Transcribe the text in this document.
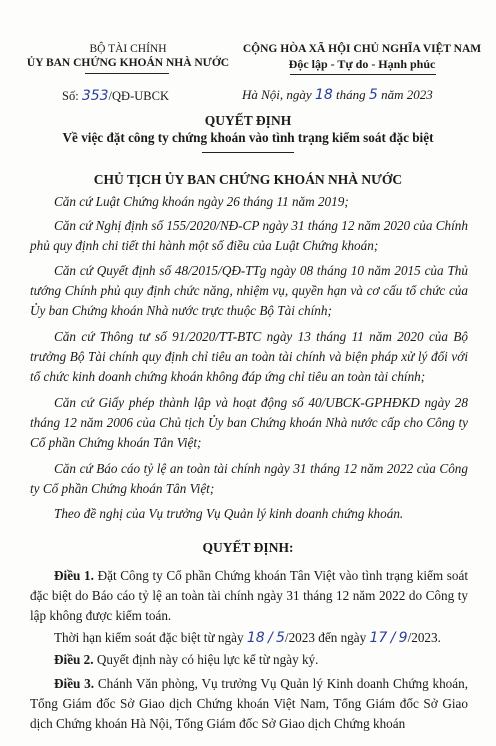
BỘ TÀI CHÍNH
ỦY BAN CHỨNG KHOÁN NHÀ NƯỚC
CỘNG HÒA XÃ HỘI CHỦ NGHĨA VIỆT NAM
Độc lập - Tự do - Hạnh phúc
Số: 353/QĐ-UBCK	Hà Nội, ngày 18 tháng 5 năm 2023
QUYẾT ĐỊNH
Về việc đặt công ty chứng khoán vào tình trạng kiểm soát đặc biệt
CHỦ TỊCH ỦY BAN CHỨNG KHOÁN NHÀ NƯỚC
Căn cứ Luật Chứng khoán ngày 26 tháng 11 năm 2019;
Căn cứ Nghị định số 155/2020/NĐ-CP ngày 31 tháng 12 năm 2020 của Chính phủ quy định chi tiết thi hành một số điều của Luật Chứng khoán;
Căn cứ Quyết định số 48/2015/QĐ-TTg ngày 08 tháng 10 năm 2015 của Thủ tướng Chính phủ quy định chức năng, nhiệm vụ, quyền hạn và cơ cấu tổ chức của Ủy ban Chứng khoán Nhà nước trực thuộc Bộ Tài chính;
Căn cứ Thông tư số 91/2020/TT-BTC ngày 13 tháng 11 năm 2020 của Bộ trưởng Bộ Tài chính quy định chỉ tiêu an toàn tài chính và biện pháp xử lý đối với tổ chức kinh doanh chứng khoán không đáp ứng chỉ tiêu an toàn tài chính;
Căn cứ Giấy phép thành lập và hoạt động số 40/UBCK-GPHĐKD ngày 28 tháng 12 năm 2006 của Chủ tịch Ủy ban Chứng khoán Nhà nước cấp cho Công ty Cổ phần Chứng khoán Tân Việt;
Căn cứ Báo cáo tỷ lệ an toàn tài chính ngày 31 tháng 12 năm 2022 của Công ty Cổ phần Chứng khoán Tân Việt;
Theo đề nghị của Vụ trưởng Vụ Quản lý kinh doanh chứng khoán.
QUYẾT ĐỊNH:
Điều 1. Đặt Công ty Cổ phần Chứng khoán Tân Việt vào tình trạng kiểm soát đặc biệt do Báo cáo tỷ lệ an toàn tài chính ngày 31 tháng 12 năm 2022 do Công ty lập không được kiểm toán.
Thời hạn kiểm soát đặc biệt từ ngày 18 / 5/2023 đến ngày 17 / 9/2023.
Điều 2. Quyết định này có hiệu lực kể từ ngày ký.
Điều 3. Chánh Văn phòng, Vụ trưởng Vụ Quản lý Kinh doanh Chứng khoán, Tổng Giám đốc Sở Giao dịch Chứng khoán Việt Nam, Tổng Giám đốc Sở Giao dịch Chứng khoán Hà Nội, Tổng Giám đốc Sở Giao dịch Chứng khoán
